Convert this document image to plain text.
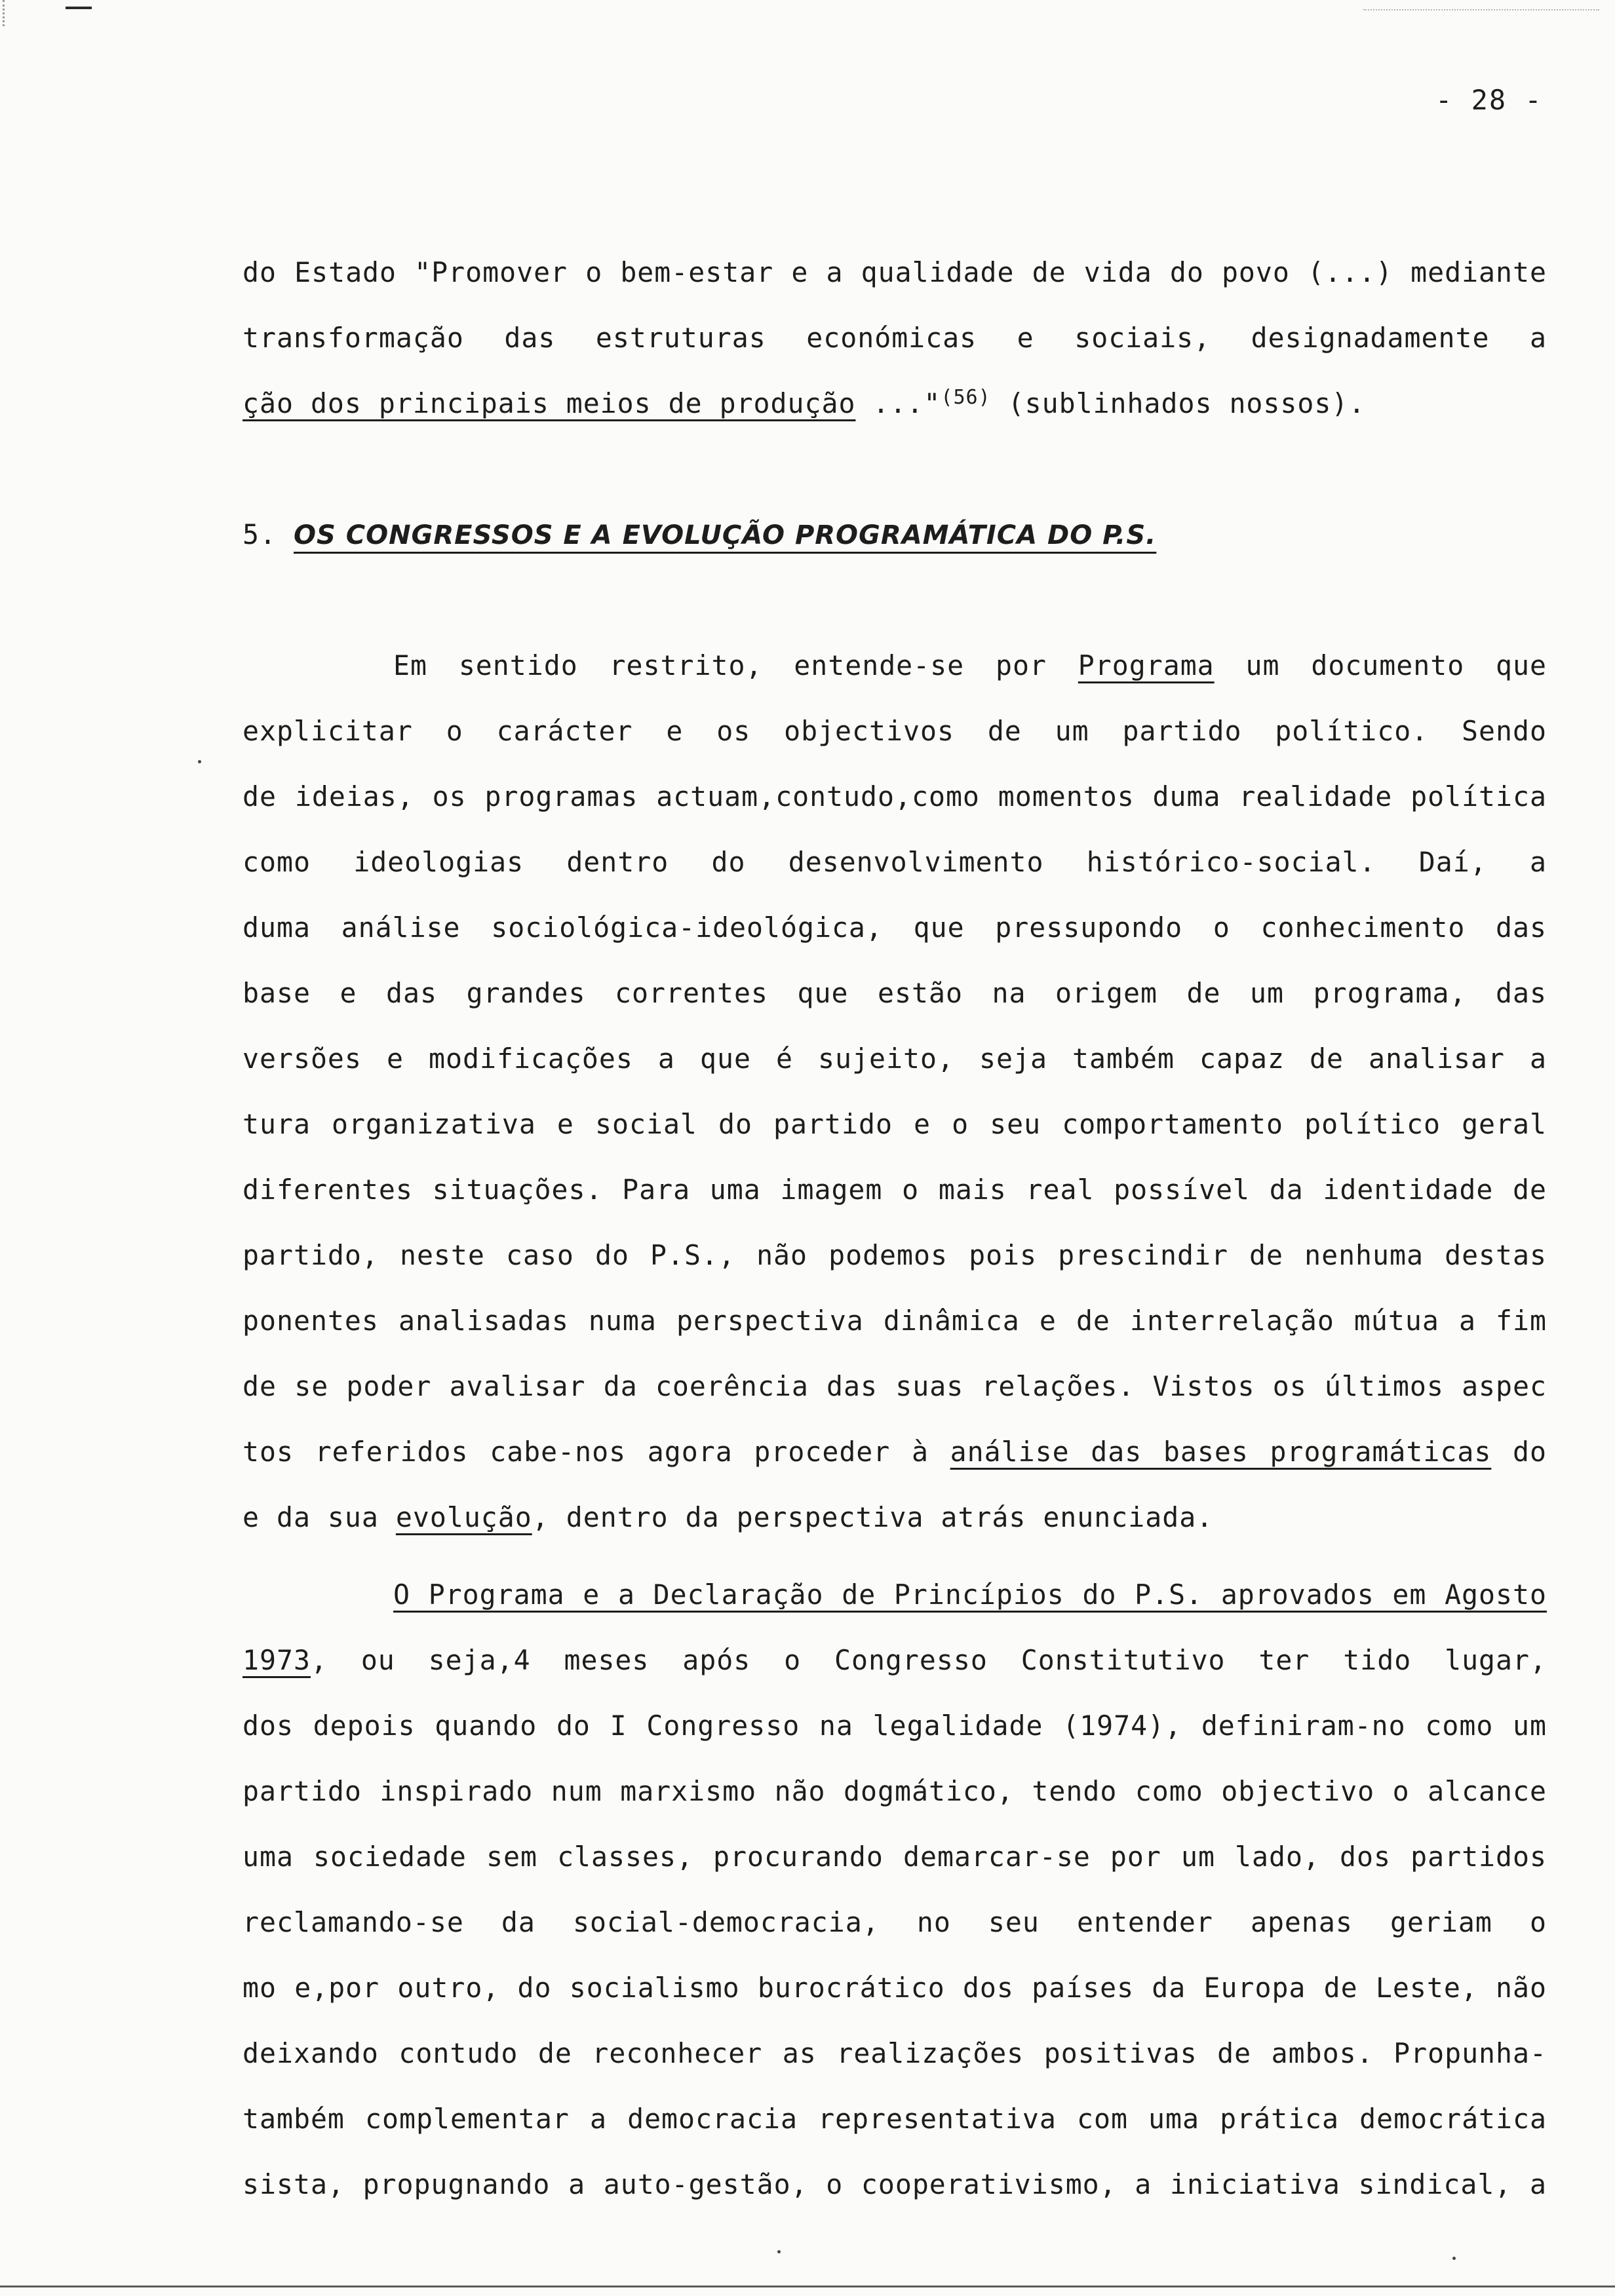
- 28 -
do Estado "Promover o bem-estar e a qualidade de vida do povo (...) mediante
transformação das estruturas económicas e sociais, designadamente a
ção dos principais meios de produção ..."$^{(56)}$ (sublinhados nossos).
5. OS CONGRESSOS E A EVOLUÇÃO PROGRAMÁTICA DO P.S.
Em sentido restrito, entende-se por Programa um documento que
explicitar o carácter e os objectivos de um partido político. Sendo
de ideias, os programas actuam,contudo,como momentos duma realidade política
como ideologias dentro do desenvolvimento histórico-social. Daí, a
duma análise sociológica-ideológica, que pressupondo o conhecimento das
base e das grandes correntes que estão na origem de um programa, das
versões e modificações a que é sujeito, seja também capaz de analisar a
tura organizativa e social do partido e o seu comportamento político geral
diferentes situações. Para uma imagem o mais real possível da identidade de
partido, neste caso do P.S., não podemos pois prescindir de nenhuma destas
ponentes analisadas numa perspectiva dinâmica e de interrelação mútua a fim
de se poder avalisar da coerência das suas relações. Vistos os últimos aspec
tos referidos cabe-nos agora proceder à análise das bases programáticas do
e da sua evolução, dentro da perspectiva atrás enunciada.
O Programa e a Declaração de Princípios do P.S. aprovados em Agosto
1973, ou seja,4 meses após o Congresso Constitutivo ter tido lugar,
dos depois quando do I Congresso na legalidade (1974), definiram-no como um
partido inspirado num marxismo não dogmático, tendo como objectivo o alcance
uma sociedade sem classes, procurando demarcar-se por um lado, dos partidos
reclamando-se da social-democracia, no seu entender apenas geriam o
mo e,por outro, do socialismo burocrático dos países da Europa de Leste, não
deixando contudo de reconhecer as realizações positivas de ambos. Propunha-
também complementar a democracia representativa com uma prática democrática
sista, propugnando a auto-gestão, o cooperativismo, a iniciativa sindical, a
